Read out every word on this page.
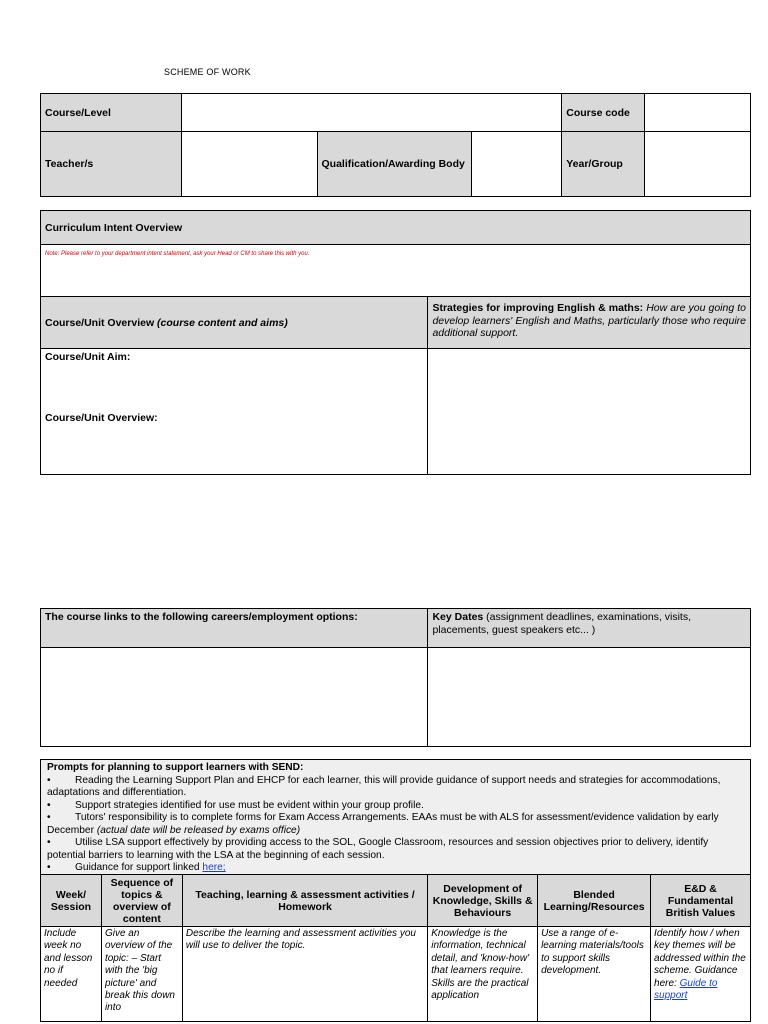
SCHEME OF WORK
Course/Level				Course code	
Teacher/s		Qualification/Awarding Body		Year/Group	
Curriculum Intent Overview	
Note: Please refer to your department intent statement, ask your Head or CM to share this with you.	
Course/Unit Overview (course content and aims)	Strategies for improving English & maths: How are you going to develop learners' English and Maths, particularly those who require additional support.

Course/Unit Aim:
Course/Unit Overview:	

The course links to the following careers/employment options:	Key Dates (assignment deadlines, examinations, visits, placements, guest speakers etc... )

Prompts for planning to support learners with SEND:
• Reading the Learning Support Plan and EHCP for each learner, this will provide guidance of support needs and strategies for accommodations, adaptations and differentiation.
• Support strategies identified for use must be evident within your group profile.
• Tutors' responsibility is to complete forms for Exam Access Arrangements. EAAs must be with ALS for assessment/evidence validation by early December (actual date will be released by exams office)
• Utilise LSA support effectively by providing access to the SOL, Google Classroom, resources and session objectives prior to delivery, identify potential barriers to learning with the LSA at the beginning of each session.
• Guidance for support linked here;
Week/ Session	Sequence of topics & overview of content	Teaching, learning & assessment activities / Homework	Development of Knowledge, Skills & Behaviours	Blended Learning/Resources	E&D & Fundamental British Values
Include week no and lesson no if needed	Give an overview of the topic: – Start with the 'big picture' and break this down into	Describe the learning and assessment activities you will use to deliver the topic.	Knowledge is the information, technical detail, and 'know-how' that learners require. Skills are the practical application	Use a range of e-learning materials/tools to support skills development.	Identify how / when key themes will be addressed within the scheme. Guidance here: Guide to support
